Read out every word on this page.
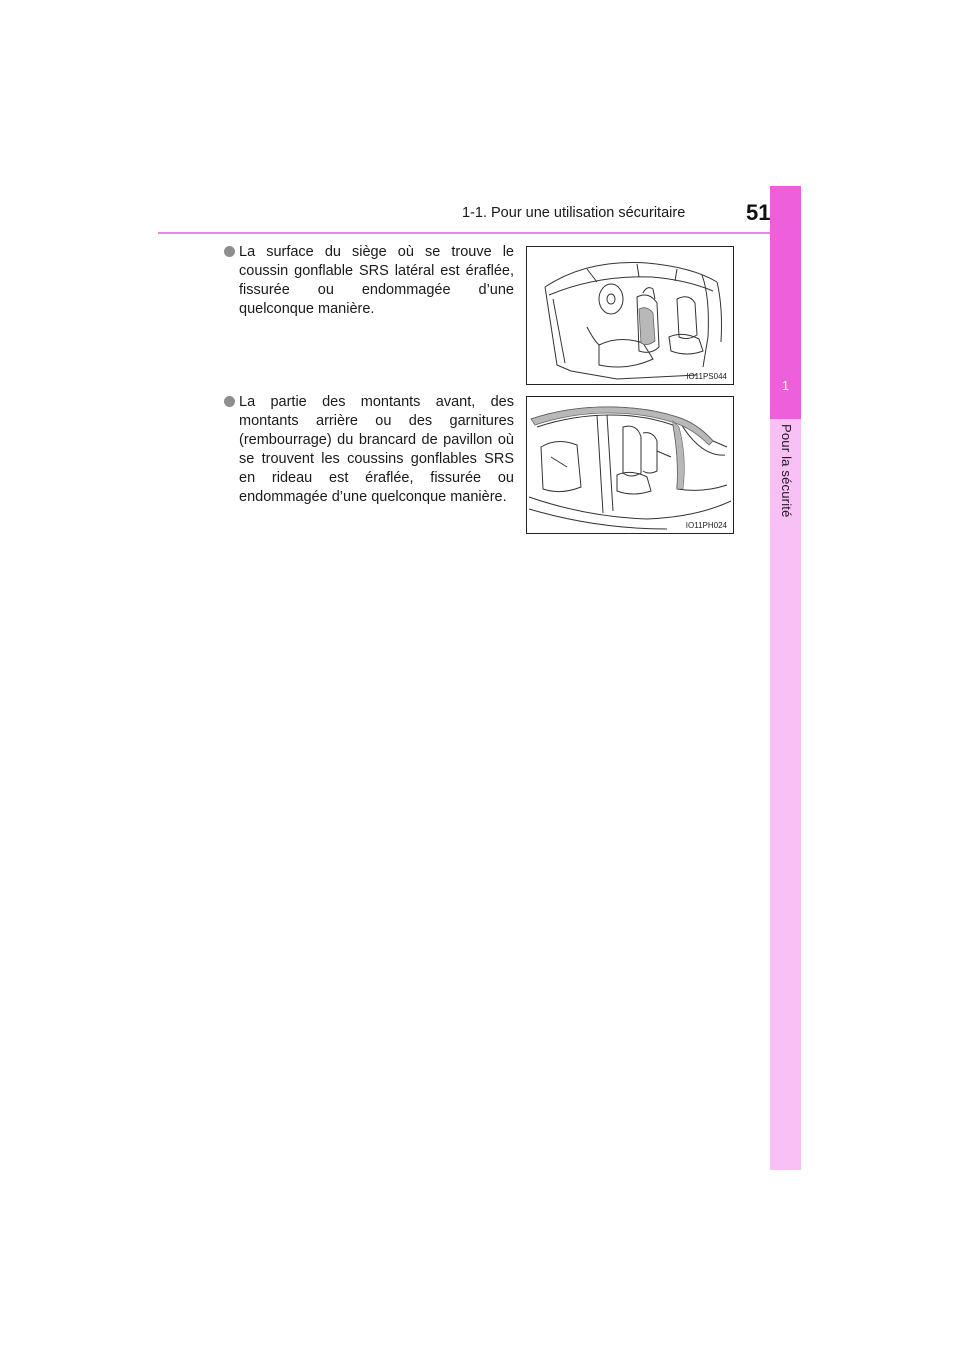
1-1. Pour une utilisation sécuritaire	51
1
Pour la sécurité
La surface du siège où se trouve le coussin gonflable SRS latéral est éraflée, fissurée ou endommagée d’une quelconque manière.
IO11PS044
La partie des montants avant, des montants arrière ou des garnitures (rembourrage) du brancard de pavillon où se trouvent les coussins gonflables SRS en rideau est éraflée, fissurée ou endommagée d’une quelconque manière.
IO11PH024
